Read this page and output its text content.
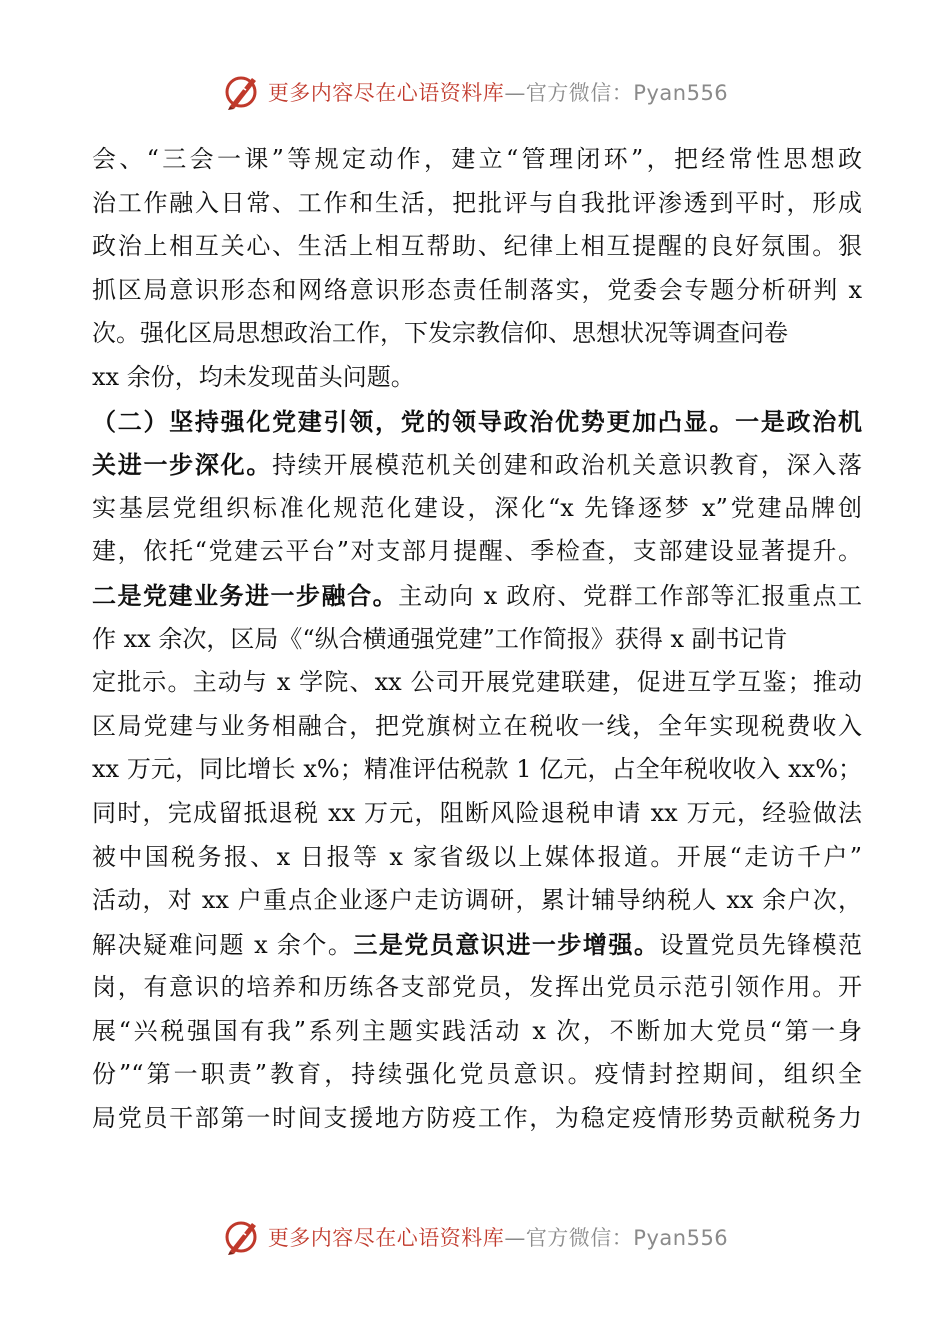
更多内容尽在心语资料库—官方微信：Pyan556
会、“三会一课”等规定动作，建立“管理闭环”，把经常性思想政
治工作融入日常、工作和生活，把批评与自我批评渗透到平时，形成
政治上相互关心、生活上相互帮助、纪律上相互提醒的良好氛围。狠
抓区局意识形态和网络意识形态责任制落实，党委会专题分析研判 x
次。强化区局思想政治工作，下发宗教信仰、思想状况等调查问卷
xx 余份，均未发现苗头问题。
（二）坚持强化党建引领，党的领导政治优势更加凸显。一是政治机
关进一步深化。持续开展模范机关创建和政治机关意识教育，深入落
实基层党组织标准化规范化建设，深化“x 先锋逐梦 x”党建品牌创
建，依托“党建云平台”对支部月提醒、季检查，支部建设显著提升。
二是党建业务进一步融合。主动向 x 政府、党群工作部等汇报重点工
作 xx 余次，区局《“纵合横通强党建”工作简报》获得 x 副书记肯
定批示。主动与 x 学院、xx 公司开展党建联建，促进互学互鉴；推动
区局党建与业务相融合，把党旗树立在税收一线，全年实现税费收入
xx 万元，同比增长 x%；精准评估税款 1 亿元，占全年税收收入 xx%；
同时，完成留抵退税 xx 万元，阻断风险退税申请 xx 万元，经验做法
被中国税务报、x 日报等 x 家省级以上媒体报道。开展“走访千户”
活动，对 xx 户重点企业逐户走访调研，累计辅导纳税人 xx 余户次，
解决疑难问题 x 余个。三是党员意识进一步增强。设置党员先锋模范
岗，有意识的培养和历练各支部党员，发挥出党员示范引领作用。开
展“兴税强国有我”系列主题实践活动 x 次，不断加大党员“第一身
份”“第一职责”教育，持续强化党员意识。疫情封控期间，组织全
局党员干部第一时间支援地方防疫工作，为稳定疫情形势贡献税务力
更多内容尽在心语资料库—官方微信：Pyan556
